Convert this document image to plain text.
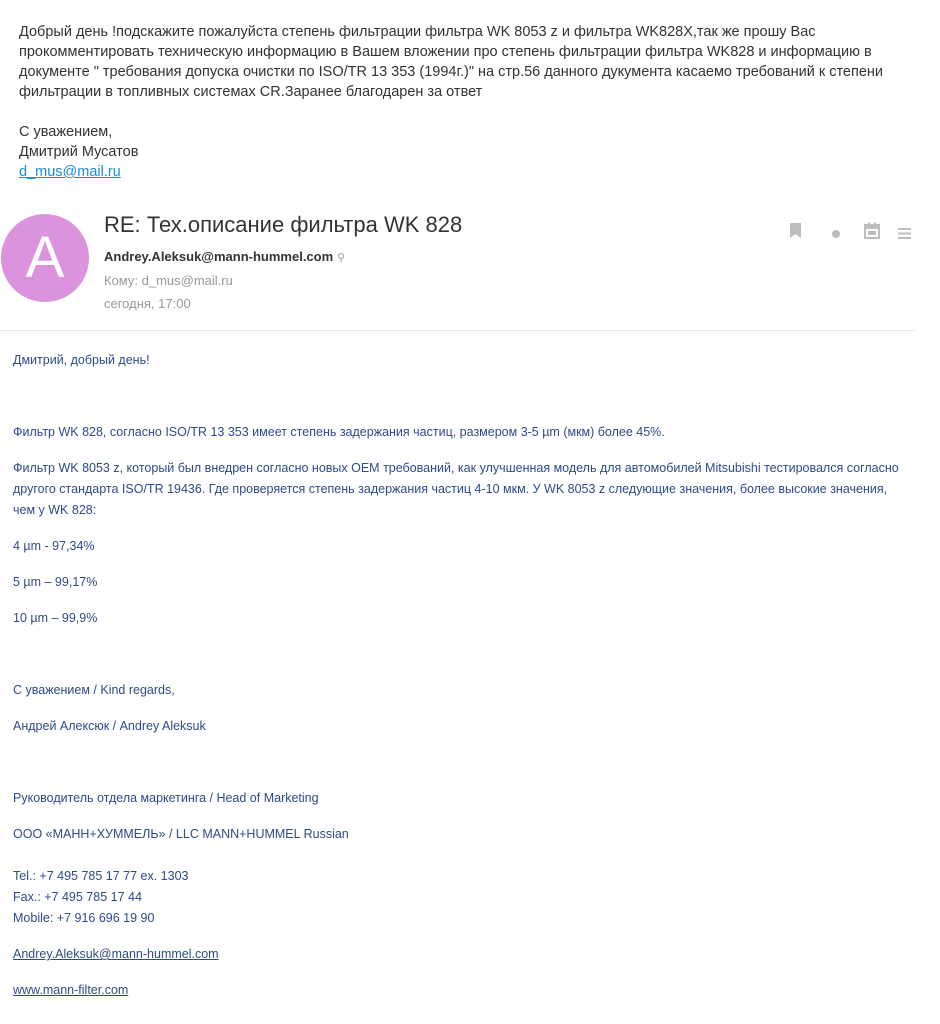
Добрый день !подскажите пожалуйста степень фильтрации фильтра WK 8053 z и фильтра WK828X,так же прошу Вас прокомментировать техническую информацию в Вашем вложении про степень фильтрации фильтра WK828 и информацию в документе " требования допуска очистки по ISO/TR 13 353 (1994г.)" на стр.56 данного дукумента касаемо требований к степени фильтрации в топливных системах CR.Заранее благодарен за ответ

С уважением,

Дмитрий Мусатов

d_mus@mail.ru

A
RE: Тех.описание фильтра WK 828
Andrey.Aleksuk@mann-hummel.com ⚲
Кому: d_mus@mail.ru
сегодня, 17:00

Дмитрий, добрый день!

Фильтр WK 828, согласно ISO/TR 13 353 имеет степень задержания частиц, размером 3-5 µm (мкм) более 45%.

Фильтр WK 8053 z, который был внедрен согласно новых OEM требований, как улучшенная модель для автомобилей Mitsubishi тестировался согласно другого стандарта ISO/TR 19436. Где проверяется степень задержания частиц 4-10 мкм. У WK 8053 z следующие значения, более высокие значения, чем у WK 828:

4 µm - 97,34%

5 µm – 99,17%

10 µm – 99,9%

С уважением / Kind regards,

Андрей Алексюк / Andrey Aleksuk

Руководитель отдела маркетинга / Head of Marketing

ООО «МАНН+ХУММЕЛЬ» / LLC MANN+HUMMEL Russian

Tel.: +7 495 785 17 77 ex. 1303

Fax.: +7 495 785 17 44

Mobile: +7 916 696 19 90

Andrey.Aleksuk@mann-hummel.com

www.mann-filter.com
